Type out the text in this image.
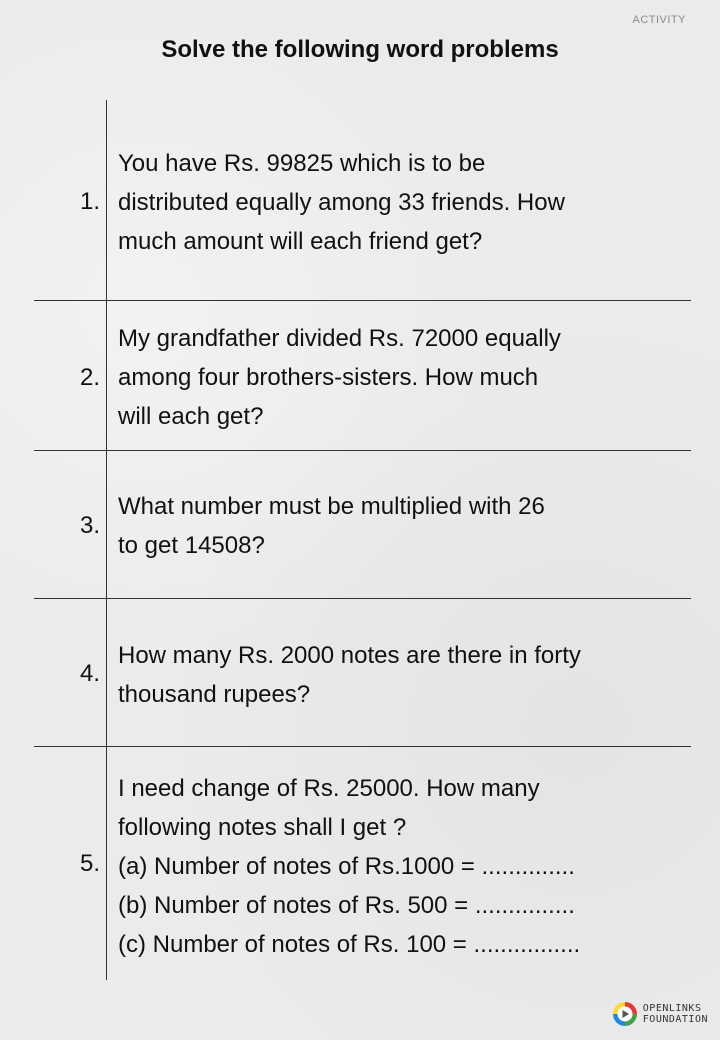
ACTIVITY
Solve the following word problems
1.
You have Rs. 99825 which is to be
distributed equally among 33 friends. How
much amount will each friend get?
2.
My grandfather divided Rs. 72000 equally
among four brothers-sisters. How much
will each get?
3.
What number must be multiplied with 26
to get 14508?
4.
How many Rs. 2000 notes are there in forty
thousand rupees?
5.
I need change of Rs. 25000. How many
following notes shall I get ?
(a) Number of notes of Rs.1000 = ..............
(b) Number of notes of Rs. 500 = ...............
(c) Number of notes of Rs. 100 = ................
OPENLINKS
FOUNDATION
